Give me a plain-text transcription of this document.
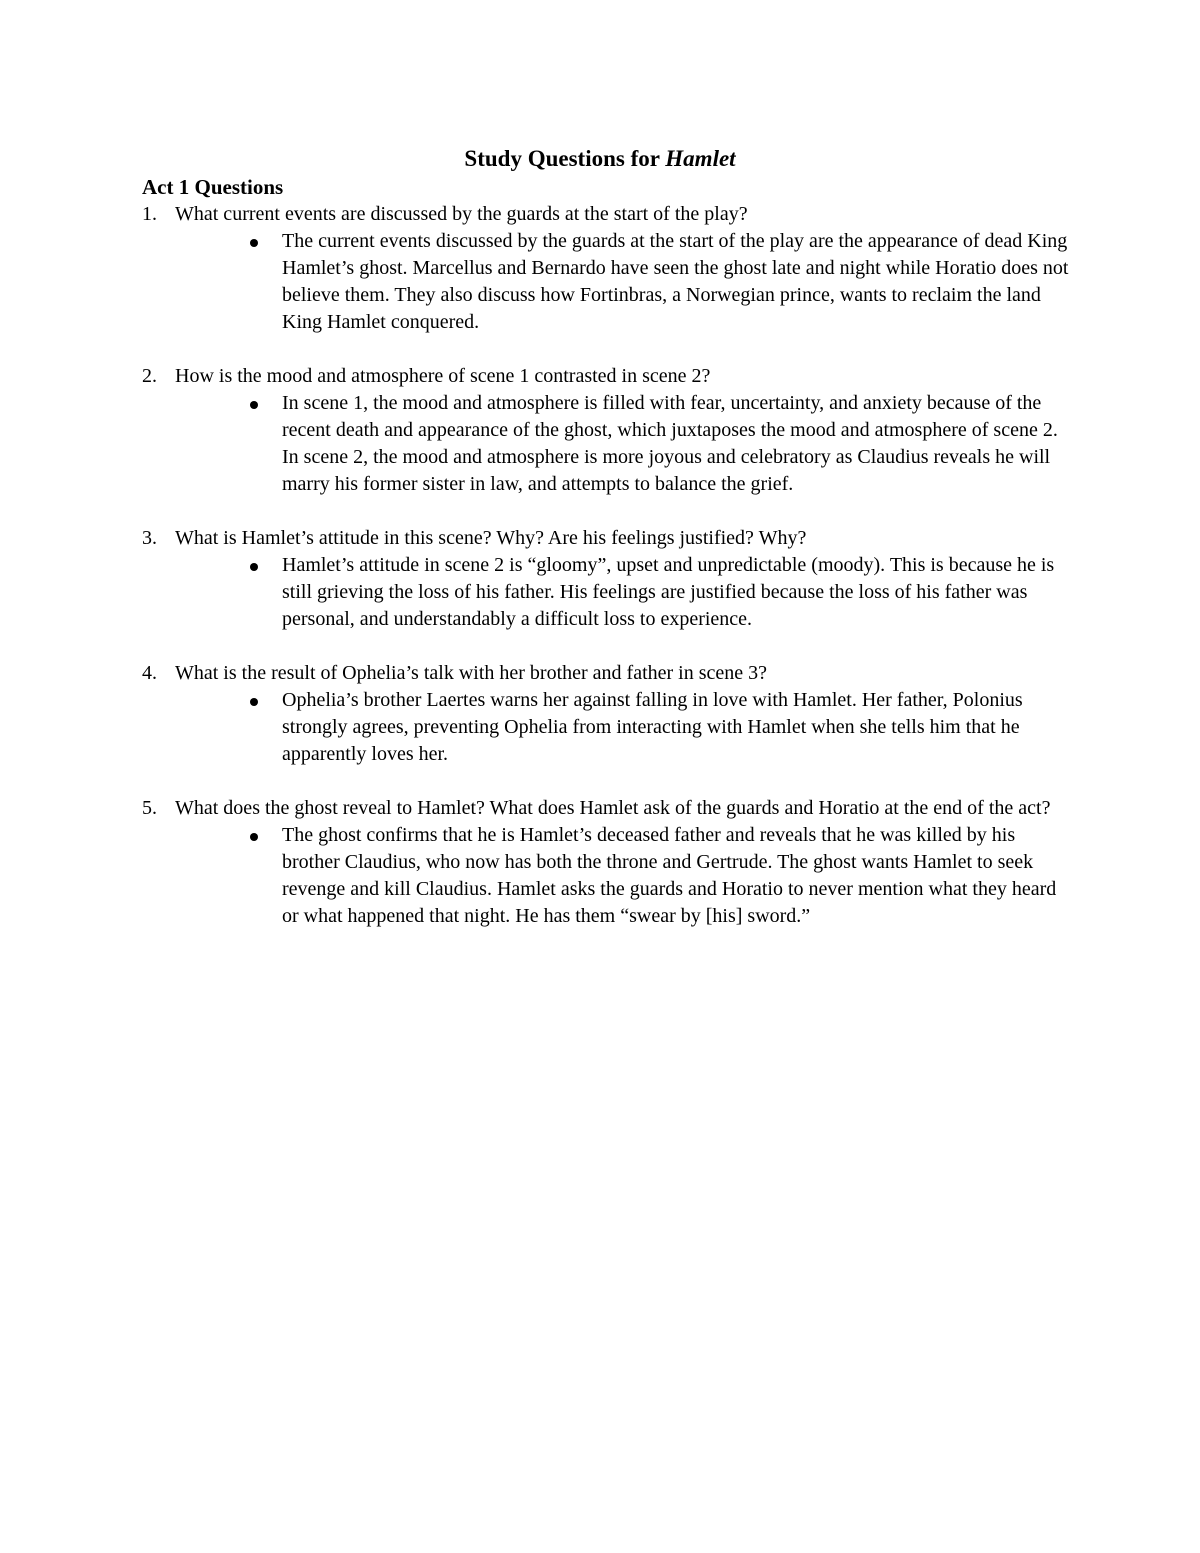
Study Questions for Hamlet
Act 1 Questions
1. What current events are discussed by the guards at the start of the play?

The current events discussed by the guards at the start of the play are the appearance of dead King Hamlet’s ghost. Marcellus and Bernardo have seen the ghost late and night while Horatio does not believe them. They also discuss how Fortinbras, a Norwegian prince, wants to reclaim the land King Hamlet conquered.

2. How is the mood and atmosphere of scene 1 contrasted in scene 2?

In scene 1, the mood and atmosphere is filled with fear, uncertainty, and anxiety because of the recent death and appearance of the ghost, which juxtaposes the mood and atmosphere of scene 2. In scene 2, the mood and atmosphere is more joyous and celebratory as Claudius reveals he will marry his former sister in law, and attempts to balance the grief.

3. What is Hamlet’s attitude in this scene? Why? Are his feelings justified? Why?

Hamlet’s attitude in scene 2 is “gloomy”, upset and unpredictable (moody). This is because he is still grieving the loss of his father. His feelings are justified because the loss of his father was personal, and understandably a difficult loss to experience.

4. What is the result of Ophelia’s talk with her brother and father in scene 3?

Ophelia’s brother Laertes warns her against falling in love with Hamlet. Her father, Polonius strongly agrees, preventing Ophelia from interacting with Hamlet when she tells him that he apparently loves her.

5. What does the ghost reveal to Hamlet? What does Hamlet ask of the guards and Horatio at the end of the act?

The ghost confirms that he is Hamlet’s deceased father and reveals that he was killed by his brother Claudius, who now has both the throne and Gertrude. The ghost wants Hamlet to seek revenge and kill Claudius. Hamlet asks the guards and Horatio to never mention what they heard or what happened that night. He has them “swear by [his] sword.”
